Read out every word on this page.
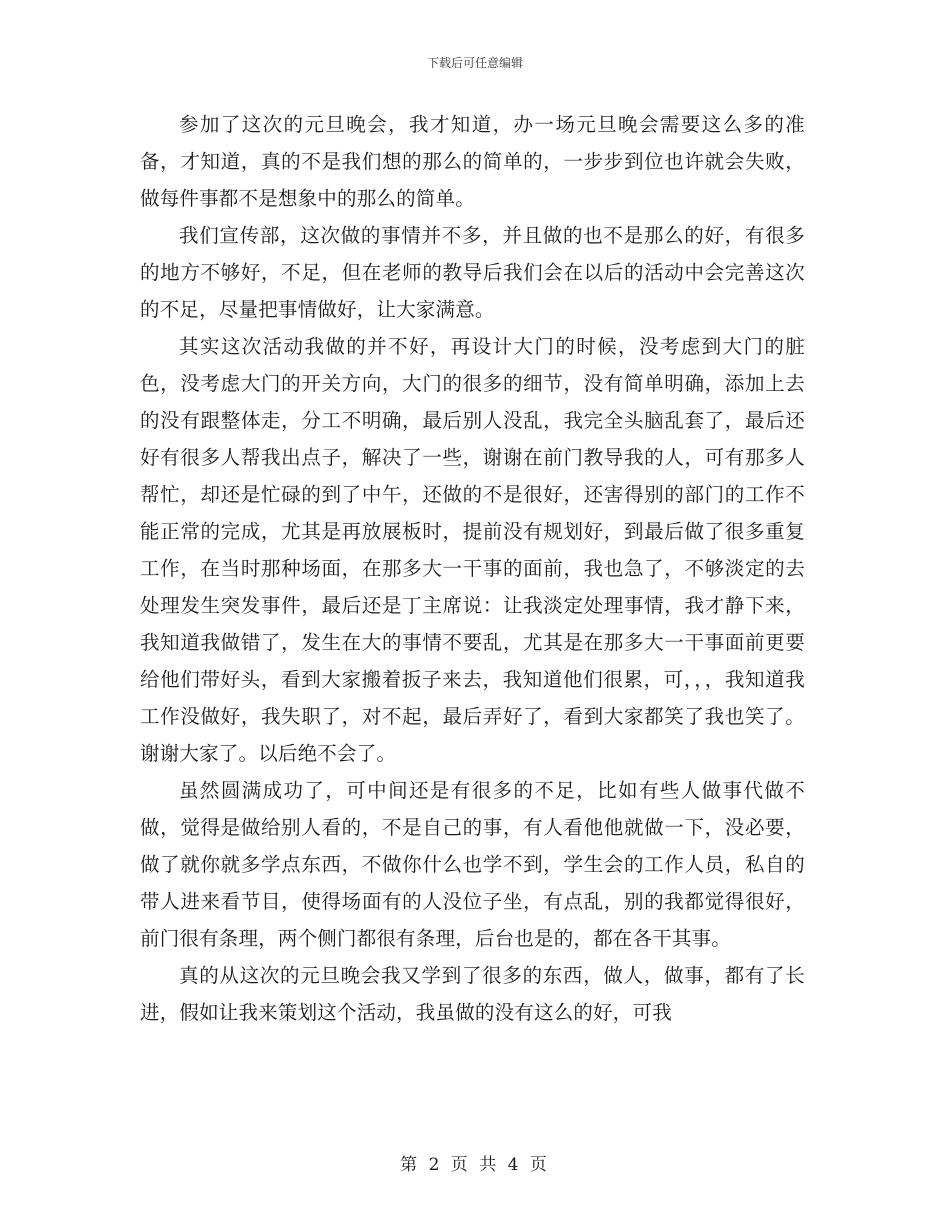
下载后可任意编辑

参加了这次的元旦晚会，我才知道，办一场元旦晚会需要这么多的准备，才知道，真的不是我们想的那么的简单的，一步步到位也许就会失败，做每件事都不是想象中的那么的简单。

我们宣传部，这次做的事情并不多，并且做的也不是那么的好，有很多的地方不够好，不足，但在老师的教导后我们会在以后的活动中会完善这次的不足，尽量把事情做好，让大家满意。

其实这次活动我做的并不好，再设计大门的时候，没考虑到大门的脏色，没考虑大门的开关方向，大门的很多的细节，没有简单明确，添加上去的没有跟整体走，分工不明确，最后别人没乱，我完全头脑乱套了，最后还好有很多人帮我出点子，解决了一些，谢谢在前门教导我的人，可有那多人帮忙，却还是忙碌的到了中午，还做的不是很好，还害得别的部门的工作不能正常的完成，尤其是再放展板时，提前没有规划好，到最后做了很多重复工作，在当时那种场面，在那多大一干事的面前，我也急了，不够淡定的去处理发生突发事件，最后还是丁主席说：让我淡定处理事情，我才静下来，我知道我做错了，发生在大的事情不要乱，尤其是在那多大一干事面前更要给他们带好头，看到大家搬着扳子来去，我知道他们很累，可，，，我知道我工作没做好，我失职了，对不起，最后弄好了，看到大家都笑了我也笑了。谢谢大家了。以后绝不会了。

虽然圆满成功了，可中间还是有很多的不足，比如有些人做事代做不做，觉得是做给别人看的，不是自己的事，有人看他他就做一下，没必要，做了就你就多学点东西，不做你什么也学不到，学生会的工作人员，私自的带人进来看节目，使得场面有的人没位子坐，有点乱，别的我都觉得很好，前门很有条理，两个侧门都很有条理，后台也是的，都在各干其事。

真的从这次的元旦晚会我又学到了很多的东西，做人，做事，都有了长进，假如让我来策划这个活动，我虽做的没有这么的好，可我

第 2 页 共 4 页
